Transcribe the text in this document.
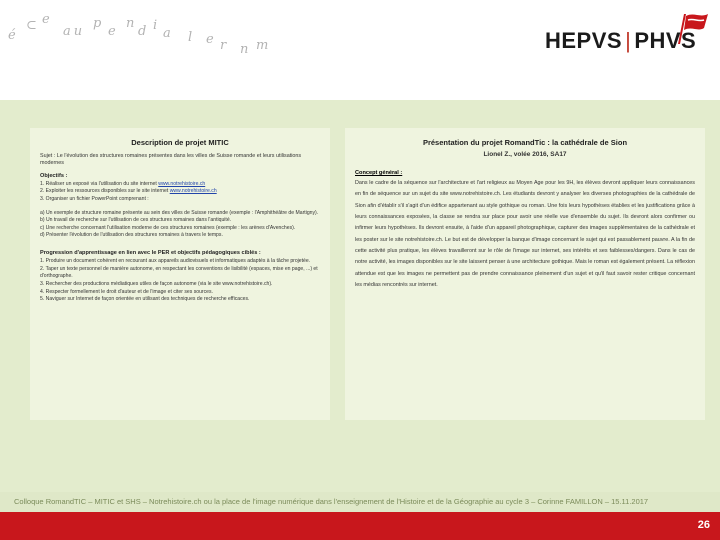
é
⊂ e
au
p
e
n
d i
a l e r n m	HEPVS | PHVS
Description de projet MITIC
Sujet : Le l'évolution des structures romaines présentes dans les villes de Suisse romande et leurs utilisations modernes
Objectifs :
1. Réaliser un exposé via l'utilisation du site internet www.notrehistoire.ch
2. Exploiter les ressources disponibles sur le site internet www.notrehistoire.ch
3. Organiser un fichier PowerPoint comprenant :
a) Un exemple de structure romaine présente au sein des villes de Suisse romande (exemple : l'Amphithéâtre de Martigny).
b) Un travail de recherche sur l'utilisation de ces structures romaines dans l'antiquité.
c) Une recherche concernant l'utilisation moderne de ces structures romaines (exemple : les arènes d'Avenches).
d) Présenter l'évolution de l'utilisation des structures romaines à travers le temps.
Progression d'apprentissage en lien avec le PER et objectifs pédagogiques ciblés :
1. Produire un document cohérent en recourant aux appareils audiovisuels et informatiques adaptés à la tâche projetée.
2. Taper un texte personnel de manière autonome, en respectant les conventions de lisibilité (espaces, mise en page, ...) et d'orthographe.
3. Rechercher des productions médiatiques utiles de façon autonome (via le site www.notrehistoire.ch).
4. Respecter formellement le droit d'auteur et de l'image et citer ses sources.
5. Naviguer sur Internet de façon orientée en utilisant des techniques de recherche efficaces.
Présentation du projet RomandTic : la cathédrale de Sion
Lionel Z., volée 2016, SA17
Concept général :
Dans le cadre de la séquence sur l'architecture et l'art religieux au Moyen Age pour les 9H, les élèves devront appliquer leurs connaissances en fin de séquence sur un sujet du site www.notrehistoire.ch. Les étudiants devront y analyser les diverses photographies de la cathédrale de Sion afin d'établir s'il s'agit d'un édifice appartenant au style gothique ou roman. Une fois leurs hypothèses établies et les justifications grâce à leurs connaissances exposées, la classe se rendra sur place pour avoir une réelle vue d'ensemble du sujet. Ils devront alors confirmer ou infirmer leurs hypothèses. Ils devront ensuite, à l'aide d'un appareil photographique, capturer des images supplémentaires de la cathédrale et les poster sur le site notrehistoire.ch. Le but est de développer la banque d'image concernant le sujet qui est passablement pauvre. A la fin de cette activité plus pratique, les élèves travailleront sur le rôle de l'image sur internet, ses intérêts et ses faiblesses/dangers. Dans le cas de notre activité, les images disponibles sur le site laissent penser à une architecture gothique. Mais le roman est également présent. La réflexion attendue est que les images ne permettent pas de prendre connaissance pleinement d'un sujet et qu'il faut savoir rester critique concernant les médias rencontrés sur internet.
Colloque RomandTIC – MITIC et SHS – Notrehistoire.ch ou la place de l'image numérique dans l'enseignement de l'Histoire et de la Géographie au cycle 3 – Corinne FAMILLON – 15.11.2017
26
